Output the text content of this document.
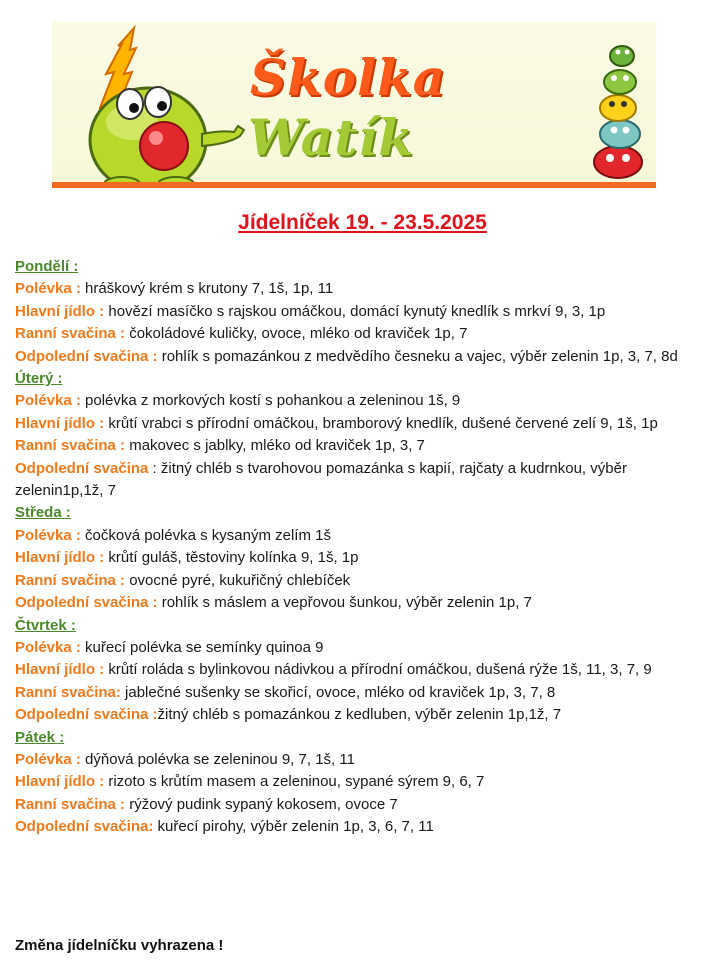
Školka
Watík
Jídelníček 19. - 23.5.2025
Pondělí :
Polévka : hráškový krém s krutony 7, 1š, 1p, 11
Hlavní jídlo : hovězí masíčko s rajskou omáčkou, domácí kynutý knedlík s mrkví 9, 3, 1p
Ranní svačina : čokoládové kuličky, ovoce, mléko od kraviček 1p, 7
Odpolední svačina : rohlík s pomazánkou z medvědího česneku a vajec, výběr zelenin 1p, 3, 7, 8d
Úterý :
Polévka : polévka z morkových kostí s pohankou a zeleninou 1š, 9
Hlavní jídlo : krůtí vrabci s přírodní omáčkou, bramborový knedlík, dušené červené zelí 9, 1š, 1p
Ranní svačina : makovec s jablky, mléko od kraviček 1p, 3, 7
Odpolední svačina : žitný chléb s tvarohovou pomazánka s kapií, rajčaty a kudrnkou, výběr zelenin1p,1ž, 7
Středa :
Polévka : čočková polévka s kysaným zelím 1š
Hlavní jídlo : krůtí guláš, těstoviny kolínka 9, 1š, 1p
Ranní svačina : ovocné pyré, kukuřičný chlebíček
Odpolední svačina : rohlík s máslem a vepřovou šunkou, výběr zelenin 1p, 7
Čtvrtek :
Polévka : kuřecí polévka se semínky quinoa 9
Hlavní jídlo : krůtí roláda s bylinkovou nádivkou a přírodní omáčkou, dušená rýže 1š, 11, 3, 7, 9
Ranní svačina: jablečné sušenky se skořicí, ovoce, mléko od kraviček 1p, 3, 7, 8
Odpolední svačina :žitný chléb s pomazánkou z kedluben, výběr zelenin 1p,1ž, 7
Pátek :
Polévka : dýňová polévka se zeleninou 9, 7, 1š, 11
Hlavní jídlo : rizoto s krůtím masem a zeleninou, sypané sýrem 9, 6, 7
Ranní svačina : rýžový pudink sypaný kokosem, ovoce 7
Odpolední svačina: kuřecí pirohy, výběr zelenin 1p, 3, 6, 7, 11
Změna jídelníčku vyhrazena !
